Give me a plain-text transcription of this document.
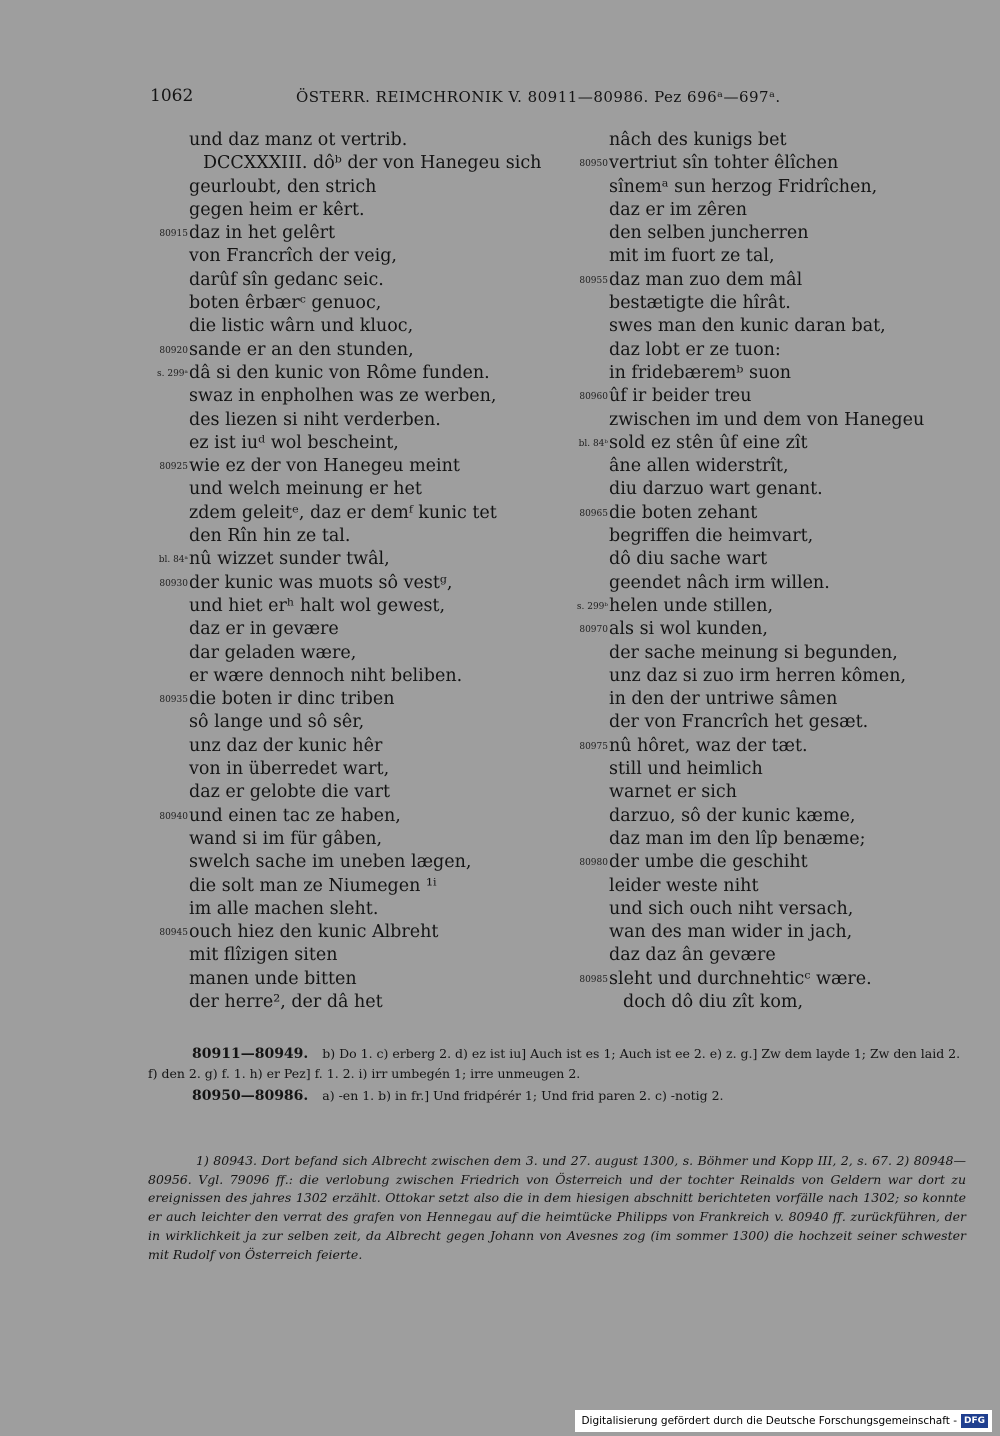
1062	ÖSTERR. REIMCHRONIK V. 80911—80986. Pez 696ᵃ—697ᵃ.
und daz manz ot vertrib.
DCCXXXIII. dôᵇ der von Hanegeu sich
geurloubt, den strich
gegen heim er kêrt.
80915 daz in het gelêrt
von Francrîch der veig,
darûf sîn gedanc seic.
boten êrbærᶜ genuoc,
die listic wârn und kluoc,
80920 sande er an den stunden,
s. 299ᵃ dâ si den kunic von Rôme funden.
swaz in enpholhen was ze werben,
des liezen si niht verderben.
ez ist iuᵈ wol bescheint,
80925 wie ez der von Hanegeu meint
und welch meinung er het
zdem geleitᵉ, daz er demᶠ kunic tet
den Rîn hin ze tal.
bl. 84ᵃ nû wizzet sunder twâl,
80930 der kunic was muots sô vestᵍ,
und hiet erʰ halt wol gewest,
daz er in gevære
dar geladen wære,
er wære dennoch niht beliben.
80935 die boten ir dinc triben
sô lange und sô sêr,
unz daz der kunic hêr
von in überredet wart,
daz er gelobte die vart
80940 und einen tac ze haben,
wand si im für gâben,
swelch sache im uneben lægen,
die solt man ze Niumegen ¹ⁱ
im alle machen sleht.
80945 ouch hiez den kunic Albreht
mit flîzigen siten
manen unde bitten
der herre², der dâ het
nâch des kunigs bet
80950 vertriut sîn tohter êlîchen
sînemᵃ sun herzog Fridrîchen,
daz er im zêren
den selben juncherren
mit im fuort ze tal,
80955 daz man zuo dem mâl
bestætigte die hîrât.
swes man den kunic daran bat,
daz lobt er ze tuon:
in fridebæremᵇ suon
80960 ûf ir beider treu
zwischen im und dem von Hanegeu
bl. 84ᵇ sold ez stên ûf eine zît
âne allen widerstrît,
diu darzuo wart genant.
80965 die boten zehant
begriffen die heimvart,
dô diu sache wart
geendet nâch irm willen.
s. 299ᵇ helen unde stillen,
80970 als si wol kunden,
der sache meinung si begunden,
unz daz si zuo irm herren kômen,
in den der untriwe sâmen
der von Francrîch het gesæt.
80975 nû hôret, waz der tæt.
still und heimlich
warnet er sich
darzuo, sô der kunic kæme,
daz man im den lîp benæme;
80980 der umbe die geschiht
leider weste niht
und sich ouch niht versach,
wan des man wider in jach,
daz daz ân gevære
80985 sleht und durchnehticᶜ wære.
doch dô diu zît kom,
80911—80949. b) Do 1. c) erberg 2. d) ez ist iu] Auch ist es 1; Auch ist ee 2. e) z. g.] Zw dem layde 1; Zw den laid 2. f) den 2. g) f. 1. h) er Pez] f. 1. 2. i) irr umbegén 1; irre unmeugen 2.
80950—80986. a) -en 1. b) in fr.] Und fridpérér 1; Und frid paren 2. c) -notig 2.

1) 80943. Dort befand sich Albrecht zwischen dem 3. und 27. august 1300, s. Böhmer und Kopp III, 2, s. 67. 2) 80948—80956. Vgl. 79096 ff.: die verlobung zwischen Friedrich von Österreich und der tochter Reinalds von Geldern war dort zu ereignissen des jahres 1302 erzählt. Ottokar setzt also die in dem hiesigen abschnitt berichteten vorfälle nach 1302; so konnte er auch leichter den verrat des grafen von Hennegau auf die heimtücke Philipps von Frankreich v. 80940 ff. zurückführen, der in wirklichkeit ja zur selben zeit, da Albrecht gegen Johann von Avesnes zog (im sommer 1300) die hochzeit seiner schwester mit Rudolf von Österreich feierte.

Digitalisierung gefördert durch die Deutsche Forschungsgemeinschaft - DFG
